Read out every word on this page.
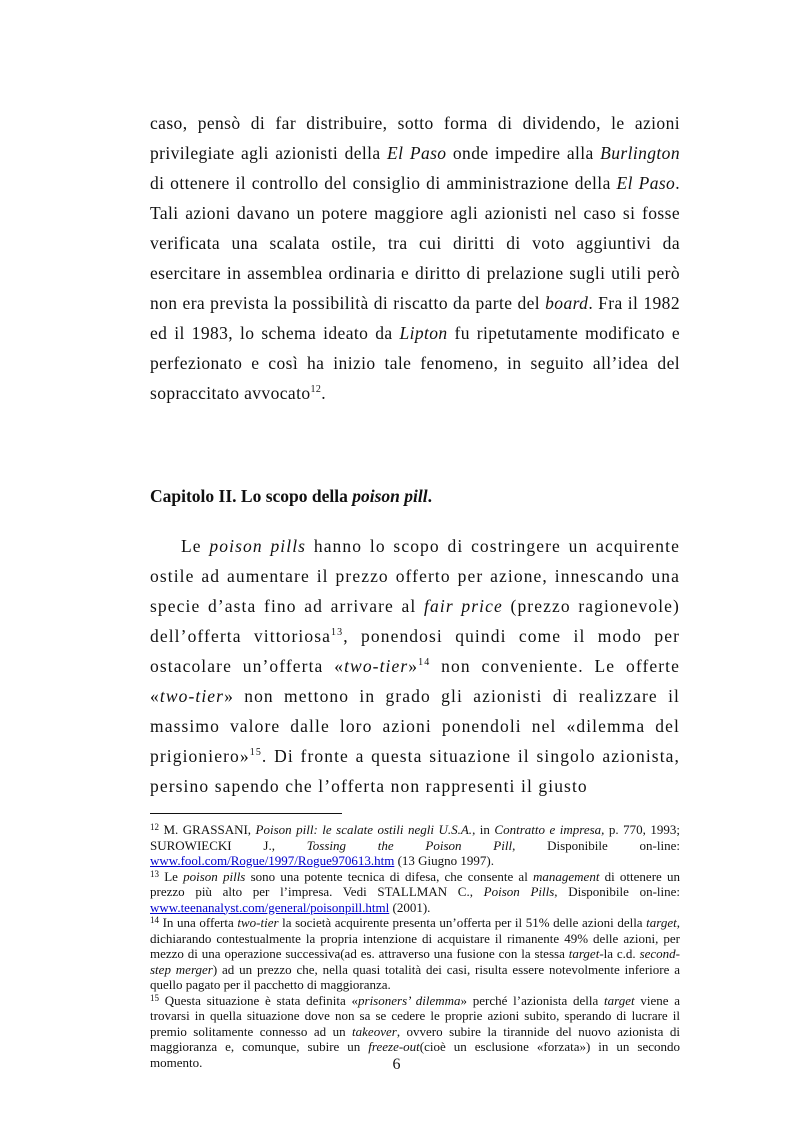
caso, pensò di far distribuire, sotto forma di dividendo, le azioni privilegiate agli azionisti della El Paso onde impedire alla Burlington di ottenere il controllo del consiglio di amministrazione della El Paso. Tali azioni davano un potere maggiore agli azionisti nel caso si fosse verificata una scalata ostile, tra cui diritti di voto aggiuntivi da esercitare in assemblea ordinaria e diritto di prelazione sugli utili però non era prevista la possibilità di riscatto da parte del board. Fra il 1982 ed il 1983, lo schema ideato da Lipton fu ripetutamente modificato e perfezionato e così ha inizio tale fenomeno, in seguito all’idea del sopraccitato avvocato$^{12}$.

Capitolo II. Lo scopo della poison pill.

Le poison pills hanno lo scopo di costringere un acquirente ostile ad aumentare il prezzo offerto per azione, innescando una specie d’asta fino ad arrivare al fair price (prezzo ragionevole) dell’offerta vittoriosa$^{13}$, ponendosi quindi come il modo per ostacolare un’offerta «two-tier»$^{14}$ non conveniente. Le offerte «two-tier» non mettono in grado gli azionisti di realizzare il massimo valore dalle loro azioni ponendoli nel «dilemma del prigioniero»$^{15}$. Di fronte a questa situazione il singolo azionista, persino sapendo che l’offerta non rappresenti il giusto

$^{12}$ M. GRASSANI, Poison pill: le scalate ostili negli U.S.A., in Contratto e impresa, p. 770, 1993; SUROWIECKI J., Tossing the Poison Pill, Disponibile on-line: www.fool.com/Rogue/1997/Rogue970613.htm (13 Giugno 1997).

$^{13}$ Le poison pills sono una potente tecnica di difesa, che consente al management di ottenere un prezzo più alto per l’impresa. Vedi STALLMAN C., Poison Pills, Disponibile on-line: www.teenanalyst.com/general/poisonpill.html (2001).

$^{14}$ In una offerta two-tier la società acquirente presenta un’offerta per il 51% delle azioni della target, dichiarando contestualmente la propria intenzione di acquistare il rimanente 49% delle azioni, per mezzo di una operazione successiva(ad es. attraverso una fusione con la stessa target-la c.d. second-step merger) ad un prezzo che, nella quasi totalità dei casi, risulta essere notevolmente inferiore a quello pagato per il pacchetto di maggioranza.

$^{15}$ Questa situazione è stata definita «prisoners’ dilemma» perché l’azionista della target viene a trovarsi in quella situazione dove non sa se cedere le proprie azioni subito, sperando di lucrare il premio solitamente connesso ad un takeover, ovvero subire la tirannide del nuovo azionista di maggioranza e, comunque, subire un freeze-out(cioè un esclusione «forzata») in un secondo momento.	6
